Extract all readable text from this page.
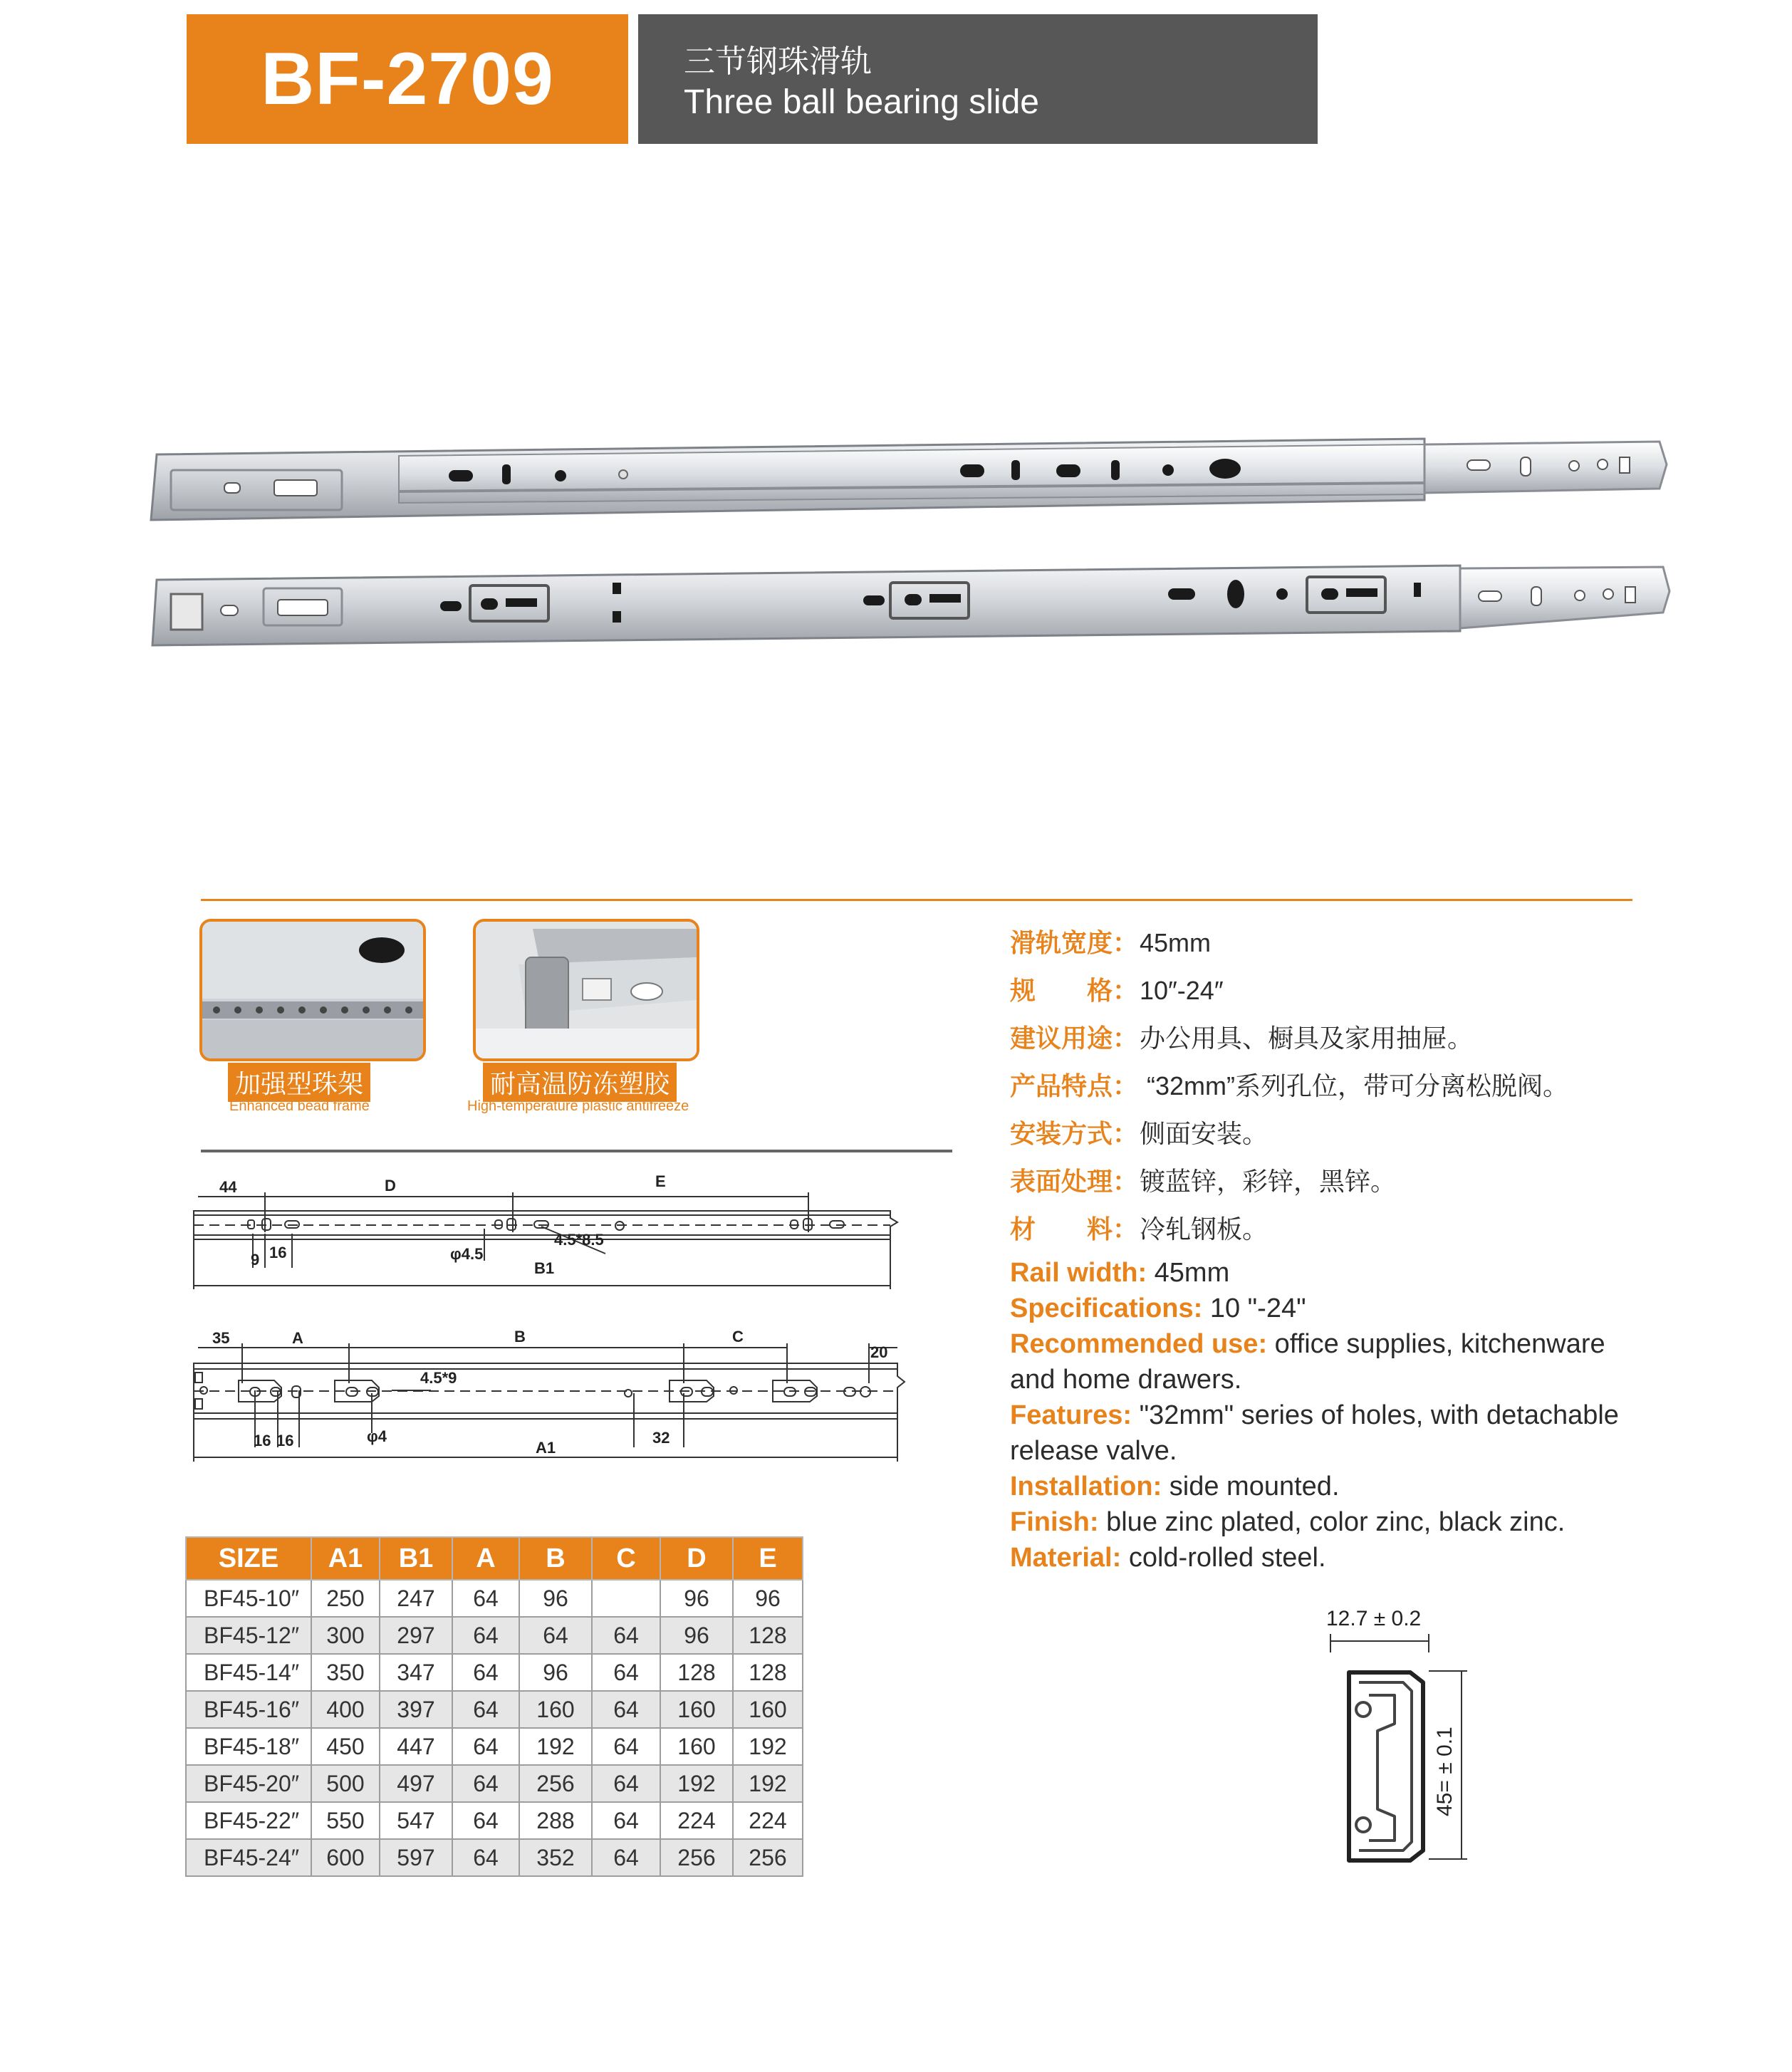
BF-2709	三节钢珠滑轨
Three ball bearing slide
加强型珠架
Enhanced bead frame
耐高温防冻塑胶
High-temperature plastic antifreeze
44	D	E
9 16	φ4.5
4.5*8.5
B1
35	A	B	C
20
4.5*9
16 16	φ4	32
A1
SIZE	A1	B1	A	B	C	D	E
BF45-10″	250	247	64	96		96	96
BF45-12″	300	297	64	64	64	96	128
BF45-14″	350	347	64	96	64	128	128
BF45-16″	400	397	64	160	64	160	160
BF45-18″	450	447	64	192	64	160	192
BF45-20″	500	497	64	256	64	192	192
BF45-22″	550	547	64	288	64	224	224
BF45-24″	600	597	64	352	64	256	256
滑轨宽度：45mm
规　　格：10″-24″
建议用途：办公用具、橱具及家用抽屉。
产品特点： “32mm”系列孔位，带可分离松脱阀。
安装方式：侧面安装。
表面处理：镀蓝锌，彩锌，黑锌。
材　　料：冷轧钢板。
Rail width: 45mm
Specifications: 10 "-24"
Recommended use: office supplies, kitchenware and home drawers.
Features: "32mm" series of holes, with detachable release valve.
Installation: side mounted.
Finish: blue zinc plated, color zinc, black zinc.
Material: cold-rolled steel.
12.7 ± 0.2
45= ± 0.1
